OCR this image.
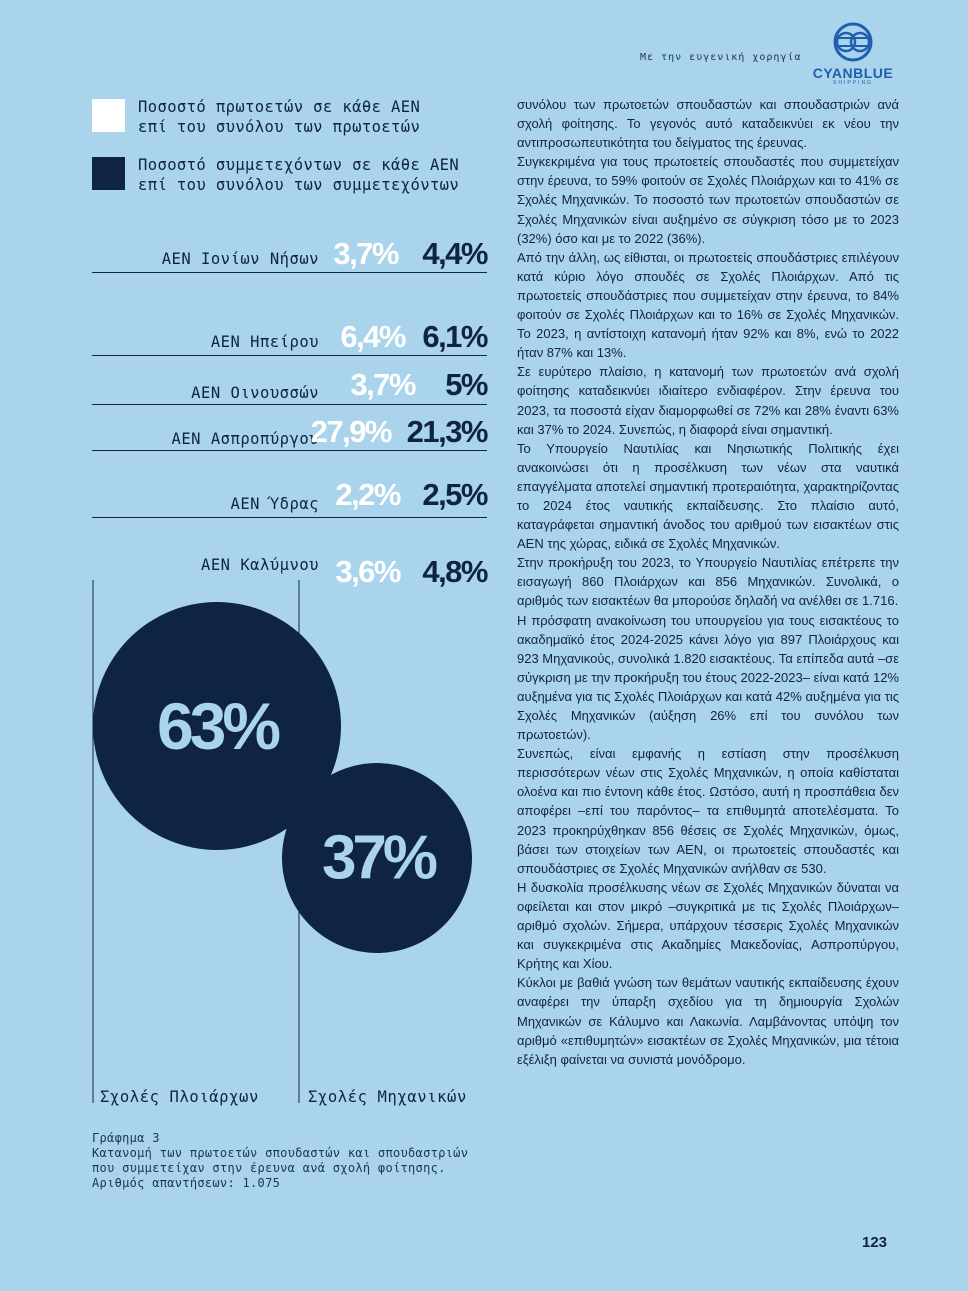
Με την ευγενική χορηγία
CYANBLUE
SHIPPING
Ποσοστό πρωτοετών σε κάθε ΑΕΝ
επί του συνόλου των πρωτοετών
Ποσοστό συμμετεχόντων σε κάθε ΑΕΝ
επί του συνόλου των συμμετεχόντων
ΑΕΝ Ιονίων Νήσων 3,7% 4,4%
ΑΕΝ Ηπείρου 6,4% 6,1%
ΑΕΝ Οινουσσών 3,7% 5%
ΑΕΝ Ασπροπύργου
27,9% 21,3%
ΑΕΝ Ύδρας 2,2% 2,5%
ΑΕΝ Καλύμνου 3,6% 4,8%
63%
37%
Σχολές Πλοιάρχων	Σχολές Μηχανικών
Γράφημα 3
Κατανομή των πρωτοετών σπουδαστών και σπουδαστριών
που συμμετείχαν στην έρευνα ανά σχολή φοίτησης.
Αριθμός απαντήσεων: 1.075

συνόλου των πρωτοετών σπουδαστών και σπουδαστριών ανά σχολή φοίτησης. Το γεγονός αυτό καταδεικνύει εκ νέου την αντιπροσωπευτικότητα του δείγματος της έρευνας.

Συγκεκριμένα για τους πρωτοετείς σπουδαστές που συμμετείχαν στην έρευνα, το 59% φοιτούν σε Σχολές Πλοιάρχων και το 41% σε Σχολές Μηχανικών. Το ποσοστό των πρωτοετών σπουδαστών σε Σχολές Μηχανικών είναι αυξημένο σε σύγκριση τόσο με το 2023 (32%) όσο και με το 2022 (36%).

Από την άλλη, ως είθισται, οι πρωτοετείς σπουδάστριες επιλέγουν κατά κύριο λόγο σπουδές σε Σχολές Πλοιάρχων. Από τις πρωτοετείς σπουδάστριες που συμμετείχαν στην έρευνα, το 84% φοιτούν σε Σχολές Πλοιάρχων και το 16% σε Σχολές Μηχανικών. Το 2023, η αντίστοιχη κατανομή ήταν 92% και 8%, ενώ το 2022 ήταν 87% και 13%.

Σε ευρύτερο πλαίσιο, η κατανομή των πρωτοετών ανά σχολή φοίτησης καταδεικνύει ιδιαίτερο ενδιαφέρον. Στην έρευνα του 2023, τα ποσοστά είχαν διαμορφωθεί σε 72% και 28% έναντι 63% και 37% το 2024. Συνεπώς, η διαφορά είναι σημαντική.

Το Υπουργείο Ναυτιλίας και Νησιωτικής Πολιτικής έχει ανακοινώσει ότι η προσέλκυση των νέων στα ναυτικά επαγγέλματα αποτελεί σημαντική προτεραιότητα, χαρακτηρίζοντας το 2024 έτος ναυτικής εκπαίδευσης. Στο πλαίσιο αυτό, καταγράφεται σημαντική άνοδος του αριθμού των εισακτέων στις ΑΕΝ της χώρας, ειδικά σε Σχολές Μηχανικών.

Στην προκήρυξη του 2023, το Υπουργείο Ναυτιλίας επέτρεπε την εισαγωγή 860 Πλοιάρχων και 856 Μηχανικών. Συνολικά, ο αριθμός των εισακτέων θα μπορούσε δηλαδή να ανέλθει σε 1.716.

Η πρόσφατη ανακοίνωση του υπουργείου για τους εισακτέους το ακαδημαϊκό έτος 2024-2025 κάνει λόγο για 897 Πλοιάρχους και 923 Μηχανικούς, συνολικά 1.820 εισακτέους. Τα επίπεδα αυτά –σε σύγκριση με την προκήρυξη του έτους 2022-2023– είναι κατά 12% αυξημένα για τις Σχολές Πλοιάρχων και κατά 42% αυξημένα για τις Σχολές Μηχανικών (αύξηση 26% επί του συνόλου των πρωτοετών).

Συνεπώς, είναι εμφανής η εστίαση στην προσέλκυση περισσότερων νέων στις Σχολές Μηχανικών, η οποία καθίσταται ολοένα και πιο έντονη κάθε έτος. Ωστόσο, αυτή η προσπάθεια δεν αποφέρει –επί του παρόντος– τα επιθυμητά αποτελέσματα. Το 2023 προκηρύχθηκαν 856 θέσεις σε Σχολές Μηχανικών, όμως, βάσει των στοιχείων των ΑΕΝ, οι πρωτοετείς σπουδαστές και σπουδάστριες σε Σχολές Μηχανικών ανήλθαν σε 530.

Η δυσκολία προσέλκυσης νέων σε Σχολές Μηχανικών δύναται να οφείλεται και στον μικρό –συγκριτικά με τις Σχολές Πλοιάρχων– αριθμό σχολών. Σήμερα, υπάρχουν τέσσερις Σχολές Μηχανικών και συγκεκριμένα στις Ακαδημίες Μακεδονίας, Ασπροπύργου, Κρήτης και Χίου.

Κύκλοι με βαθιά γνώση των θεμάτων ναυτικής εκπαίδευσης έχουν αναφέρει την ύπαρξη σχεδίου για τη δημιουργία Σχολών Μηχανικών σε Κάλυμνο και Λακωνία. Λαμβάνοντας υπόψη τον αριθμό «επιθυμητών» εισακτέων σε Σχολές Μηχανικών, μια τέτοια εξέλιξη φαίνεται να συνιστά μονόδρομο.

123
